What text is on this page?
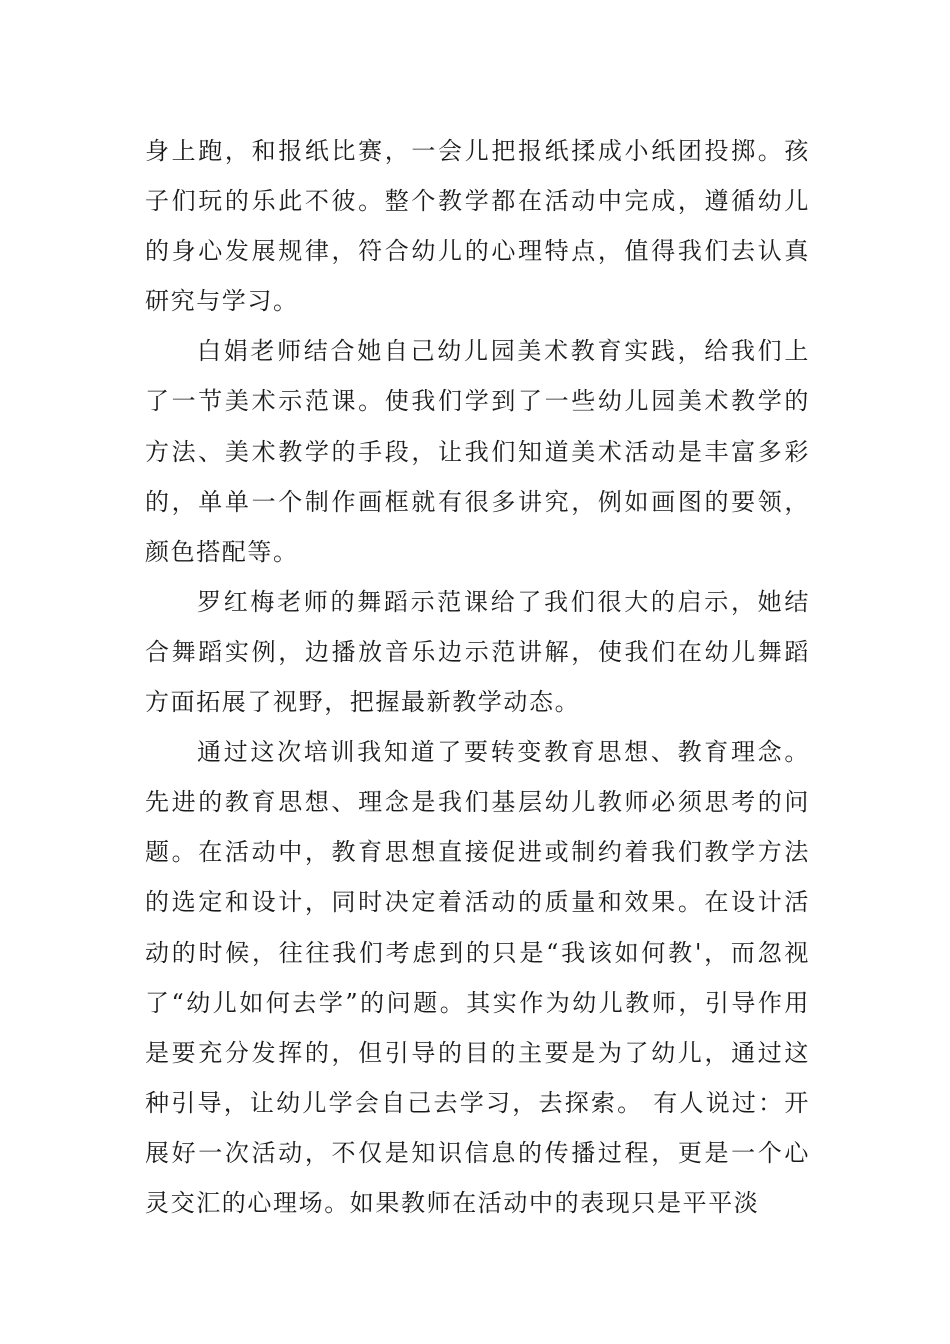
身上跑，和报纸比赛，一会儿把报纸揉成小纸团投掷。孩子们玩的乐此不彼。整个教学都在活动中完成，遵循幼儿的身心发展规律，符合幼儿的心理特点，值得我们去认真研究与学习。

白娟老师结合她自己幼儿园美术教育实践，给我们上了一节美术示范课。使我们学到了一些幼儿园美术教学的方法、美术教学的手段，让我们知道美术活动是丰富多彩的，单单一个制作画框就有很多讲究，例如画图的要领，颜色搭配等。

罗红梅老师的舞蹈示范课给了我们很大的启示，她结合舞蹈实例，边播放音乐边示范讲解，使我们在幼儿舞蹈方面拓展了视野，把握最新教学动态。

通过这次培训我知道了要转变教育思想、教育理念。先进的教育思想、理念是我们基层幼儿教师必须思考的问题。在活动中，教育思想直接促进或制约着我们教学方法的选定和设计，同时决定着活动的质量和效果。在设计活动的时候，往往我们考虑到的只是“我该如何教'，而忽视了“幼儿如何去学”的问题。其实作为幼儿教师，引导作用是要充分发挥的，但引导的目的主要是为了幼儿，通过这种引导，让幼儿学会自己去学习，去探索。 有人说过：开展好一次活动，不仅是知识信息的传播过程，更是一个心灵交汇的心理场。如果教师在活动中的表现只是平平淡
